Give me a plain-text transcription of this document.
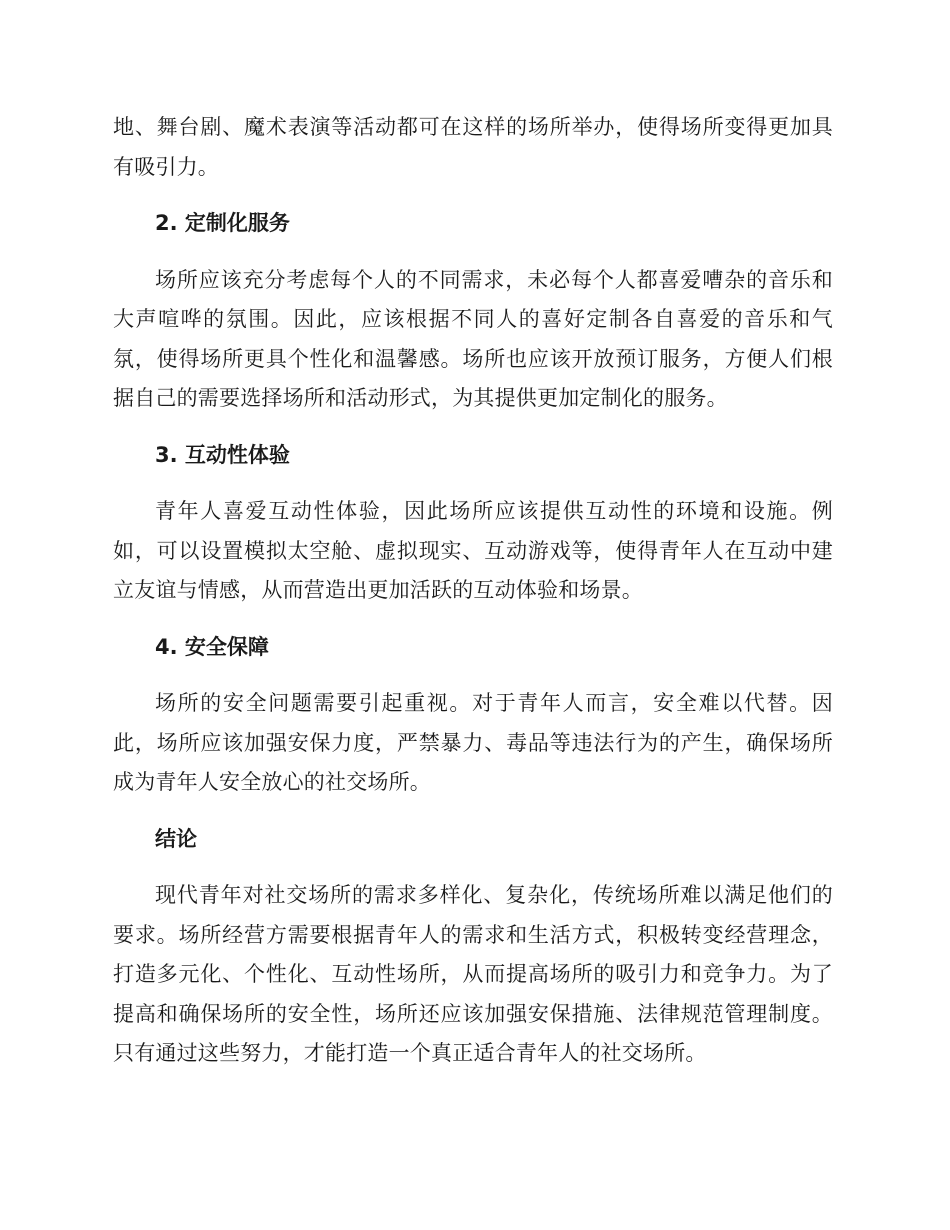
地、舞台剧、魔术表演等活动都可在这样的场所举办，使得场所变得更加具有吸引力。

2. 定制化服务

场所应该充分考虑每个人的不同需求，未必每个人都喜爱嘈杂的音乐和大声喧哗的氛围。因此，应该根据不同人的喜好定制各自喜爱的音乐和气氛，使得场所更具个性化和温馨感。场所也应该开放预订服务，方便人们根据自己的需要选择场所和活动形式，为其提供更加定制化的服务。

3. 互动性体验

青年人喜爱互动性体验，因此场所应该提供互动性的环境和设施。例如，可以设置模拟太空舱、虚拟现实、互动游戏等，使得青年人在互动中建立友谊与情感，从而营造出更加活跃的互动体验和场景。

4. 安全保障

场所的安全问题需要引起重视。对于青年人而言，安全难以代替。因此，场所应该加强安保力度，严禁暴力、毒品等违法行为的产生，确保场所成为青年人安全放心的社交场所。

结论

现代青年对社交场所的需求多样化、复杂化，传统场所难以满足他们的要求。场所经营方需要根据青年人的需求和生活方式，积极转变经营理念，打造多元化、个性化、互动性场所，从而提高场所的吸引力和竞争力。为了提高和确保场所的安全性，场所还应该加强安保措施、法律规范管理制度。只有通过这些努力，才能打造一个真正适合青年人的社交场所。
